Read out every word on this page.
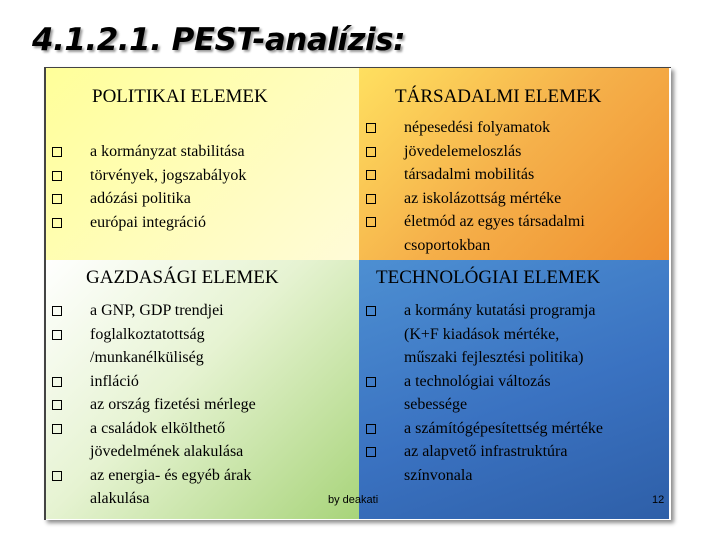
4.1.2.1. PEST-analízis:
POLITIKAI ELEMEK	TÁRSADALMI ELEMEK
GAZDASÁGI ELEMEK	TECHNOLÓGIAI ELEMEK
a kormányzat stabilitása
törvények, jogszabályok
adózási politika
európai integráció
népesedési folyamatok
jövedelemeloszlás
társadalmi mobilitás
az iskolázottság mértéke
életmód az egyes társadalmi
csoportokban
a GNP, GDP trendjei
foglalkoztatottság
/munkanélküliség
infláció
az ország fizetési mérlege
a családok elkölthető
jövedelmének alakulása
az energia- és egyéb árak
alakulása
a kormány kutatási programja
(K+F kiadások mértéke,
műszaki fejlesztési politika)
a technológiai változás
sebessége
a számítógépesítettség mértéke
az alapvető infrastruktúra
színvonala
by deakati	12
